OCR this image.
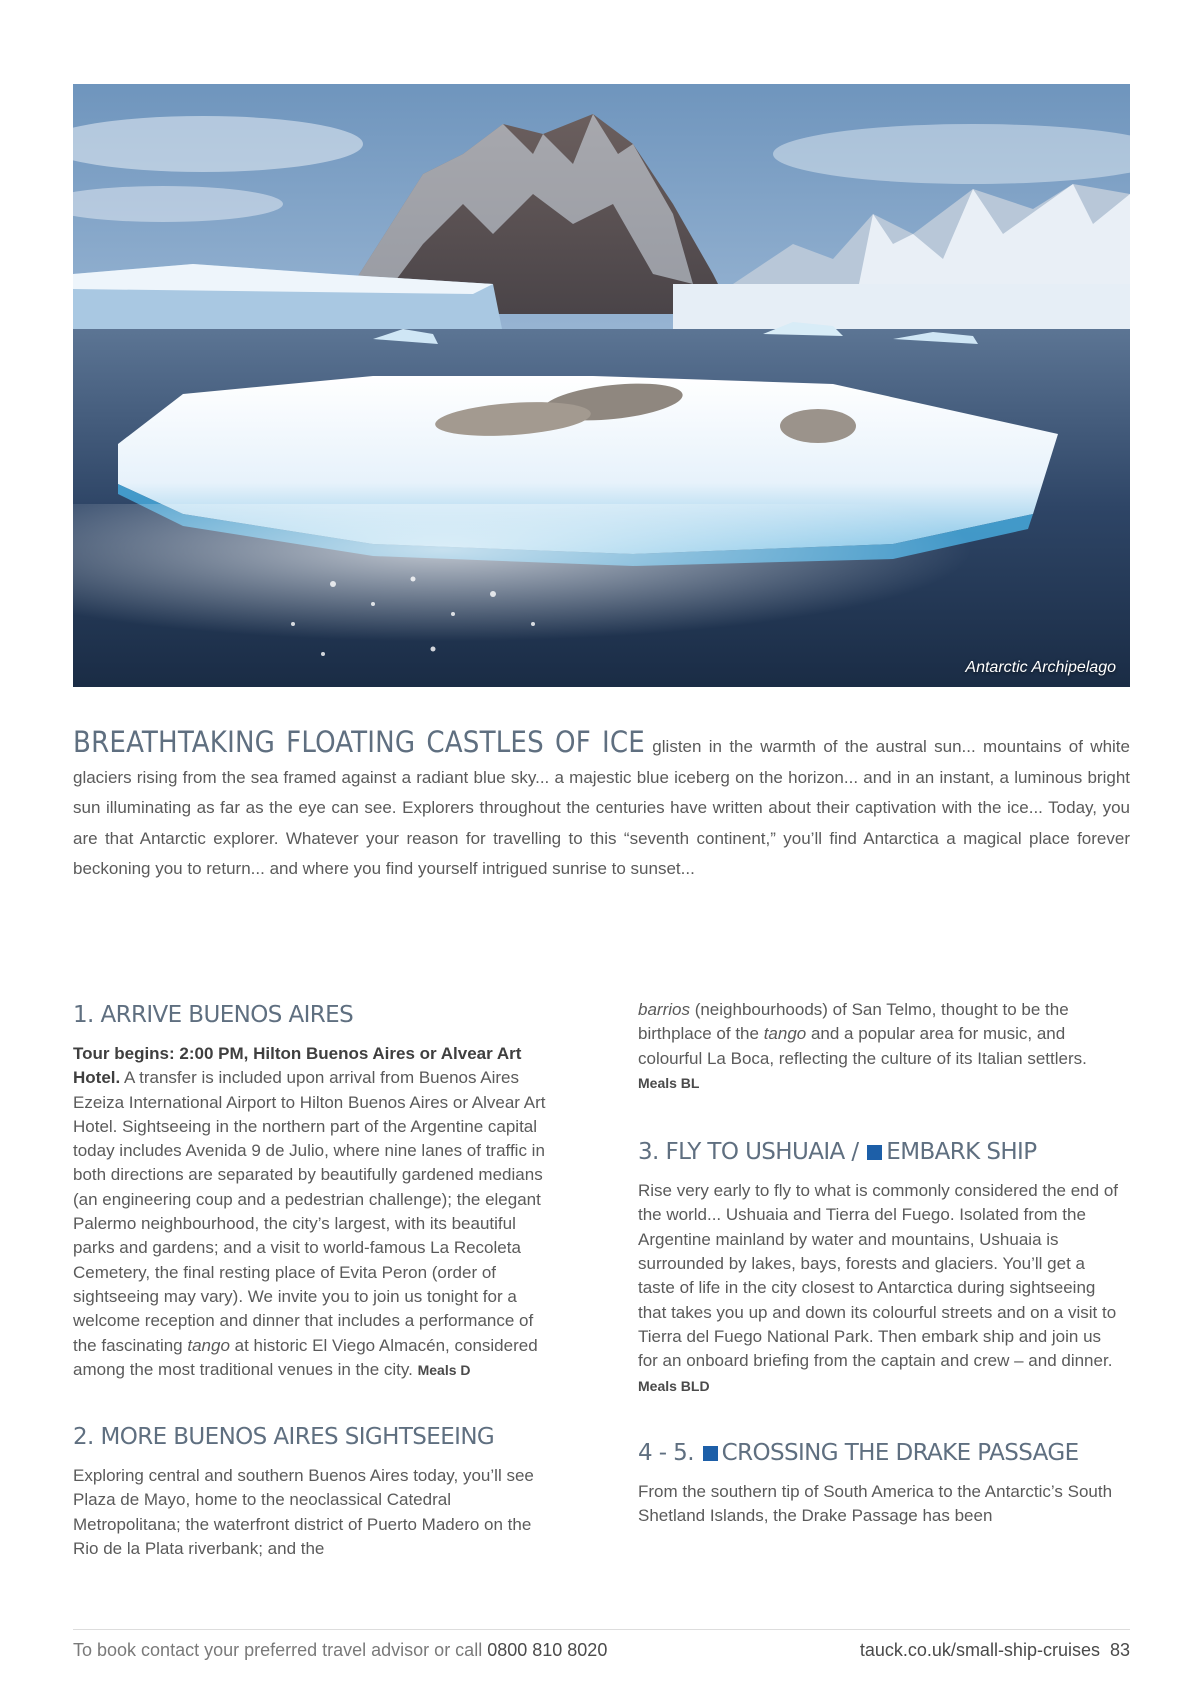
Antarctic Archipelago
BREATHTAKING FLOATING CASTLES OF ICE glisten in the warmth of the austral sun... mountains of white glaciers rising from the sea framed against a radiant blue sky... a majestic blue iceberg on the horizon... and in an instant, a luminous bright sun illuminating as far as the eye can see. Explorers throughout the centuries have written about their captivation with the ice... Today, you are that Antarctic explorer. Whatever your reason for travelling to this “seventh continent,” you’ll find Antarctica a magical place forever beckoning you to return... and where you find yourself intrigued sunrise to sunset...
1. ARRIVE BUENOS AIRES

Tour begins: 2:00 PM, Hilton Buenos Aires or Alvear Art Hotel. A transfer is included upon arrival from Buenos Aires Ezeiza International Airport to Hilton Buenos Aires or Alvear Art Hotel. Sightseeing in the northern part of the Argentine capital today includes Avenida 9 de Julio, where nine lanes of traffic in both directions are separated by beautifully gardened medians (an engineering coup and a pedestrian challenge); the elegant Palermo neighbourhood, the city’s largest, with its beautiful parks and gardens; and a visit to world-famous La Recoleta Cemetery, the final resting place of Evita Peron (order of sightseeing may vary). We invite you to join us tonight for a welcome reception and dinner that includes a performance of the fascinating tango at historic El Viego Almacén, considered among the most traditional venues in the city. Meals D

2. MORE BUENOS AIRES SIGHTSEEING

Exploring central and southern Buenos Aires today, you’ll see Plaza de Mayo, home to the neoclassical Catedral Metropolitana; the waterfront district of Puerto Madero on the Rio de la Plata riverbank; and the

barrios (neighbourhoods) of San Telmo, thought to be the birthplace of the tango and a popular area for music, and colourful La Boca, reflecting the culture of its Italian settlers. Meals BL

3. FLY TO USHUAIA / EMBARK SHIP

Rise very early to fly to what is commonly considered the end of the world... Ushuaia and Tierra del Fuego. Isolated from the Argentine mainland by water and mountains, Ushuaia is surrounded by lakes, bays, forests and glaciers. You’ll get a taste of life in the city closest to Antarctica during sightseeing that takes you up and down its colourful streets and on a visit to Tierra del Fuego National Park. Then embark ship and join us for an onboard briefing from the captain and crew – and dinner. Meals BLD

4 - 5. CROSSING THE DRAKE PASSAGE

From the southern tip of South America to the Antarctic’s South Shetland Islands, the Drake Passage has been

To book contact your preferred travel advisor or call 0800 810 8020	tauck.co.uk/small-ship-cruises 83
